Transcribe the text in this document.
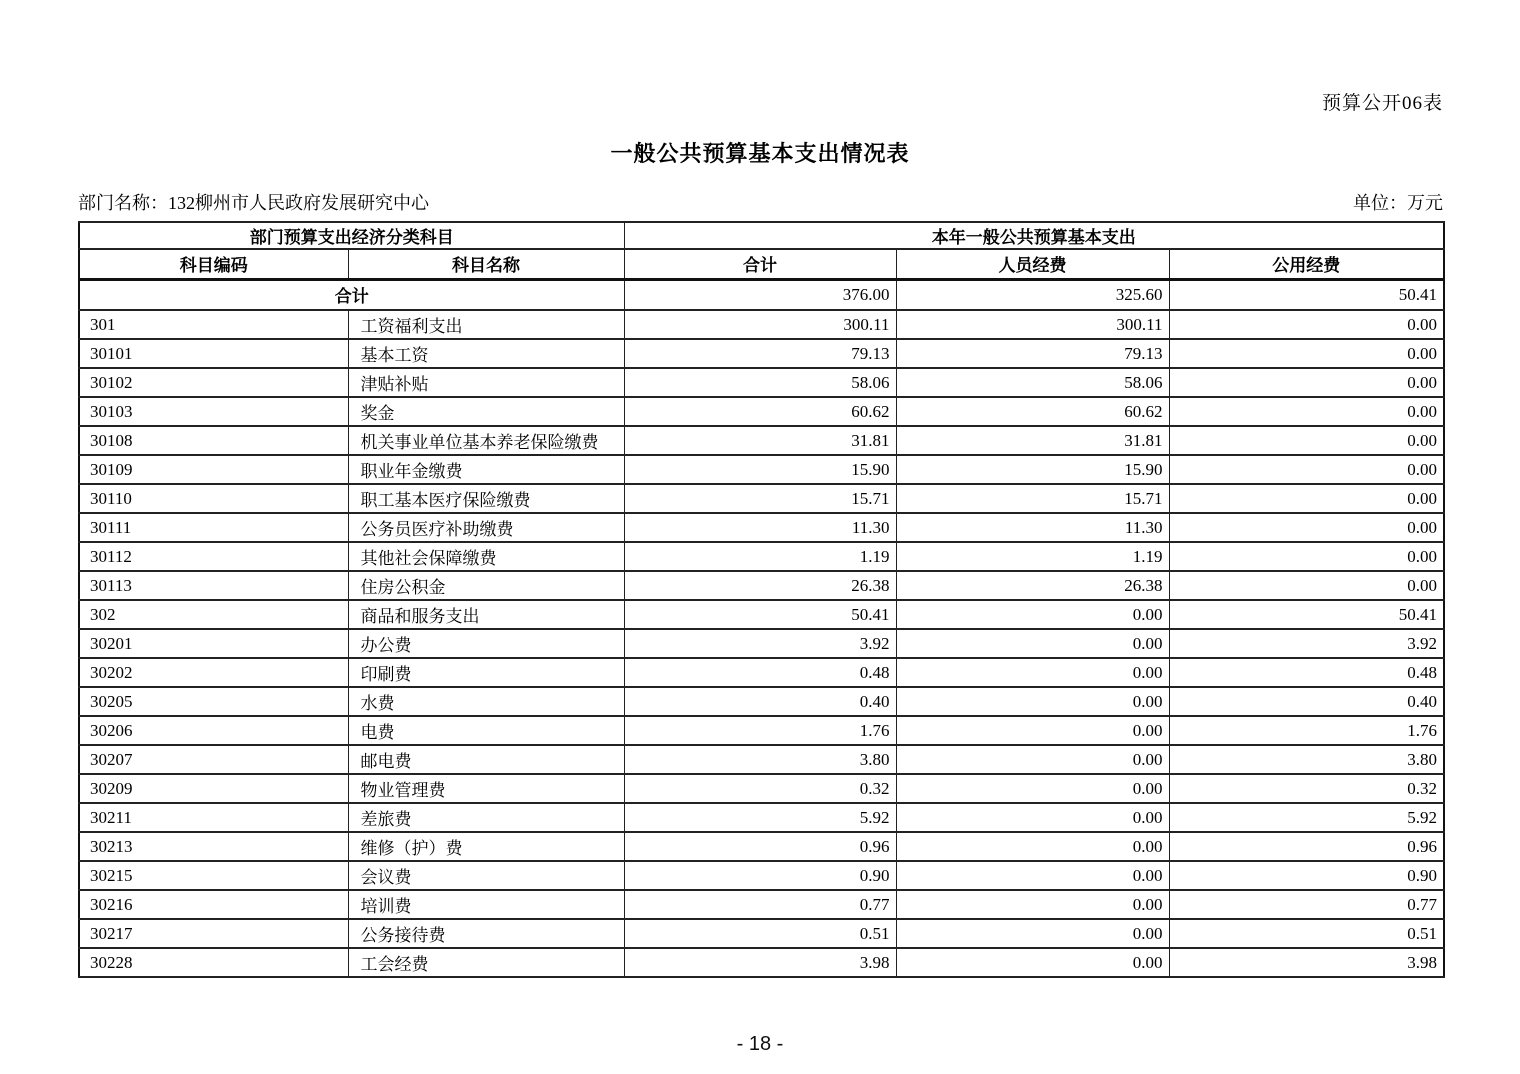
预算公开06表
一般公共预算基本支出情况表
部门名称：132柳州市人民政府发展研究中心	单位：万元
部门预算支出经济分类科目		本年一般公共预算基本支出		
科目编码	科目名称	合计	人员经费	公用经费
合计		376.00	325.60	50.41
301	工资福利支出	300.11	300.11	0.00
30101	基本工资	79.13	79.13	0.00
30102	津贴补贴	58.06	58.06	0.00
30103	奖金	60.62	60.62	0.00
30108	机关事业单位基本养老保险缴费	31.81	31.81	0.00
30109	职业年金缴费	15.90	15.90	0.00
30110	职工基本医疗保险缴费	15.71	15.71	0.00
30111	公务员医疗补助缴费	11.30	11.30	0.00
30112	其他社会保障缴费	1.19	1.19	0.00
30113	住房公积金	26.38	26.38	0.00
302	商品和服务支出	50.41	0.00	50.41
30201	办公费	3.92	0.00	3.92
30202	印刷费	0.48	0.00	0.48
30205	水费	0.40	0.00	0.40
30206	电费	1.76	0.00	1.76
30207	邮电费	3.80	0.00	3.80
30209	物业管理费	0.32	0.00	0.32
30211	差旅费	5.92	0.00	5.92
30213	维修（护）费	0.96	0.00	0.96
30215	会议费	0.90	0.00	0.90
30216	培训费	0.77	0.00	0.77
30217	公务接待费	0.51	0.00	0.51
30228	工会经费	3.98	0.00	3.98
- 18 -
